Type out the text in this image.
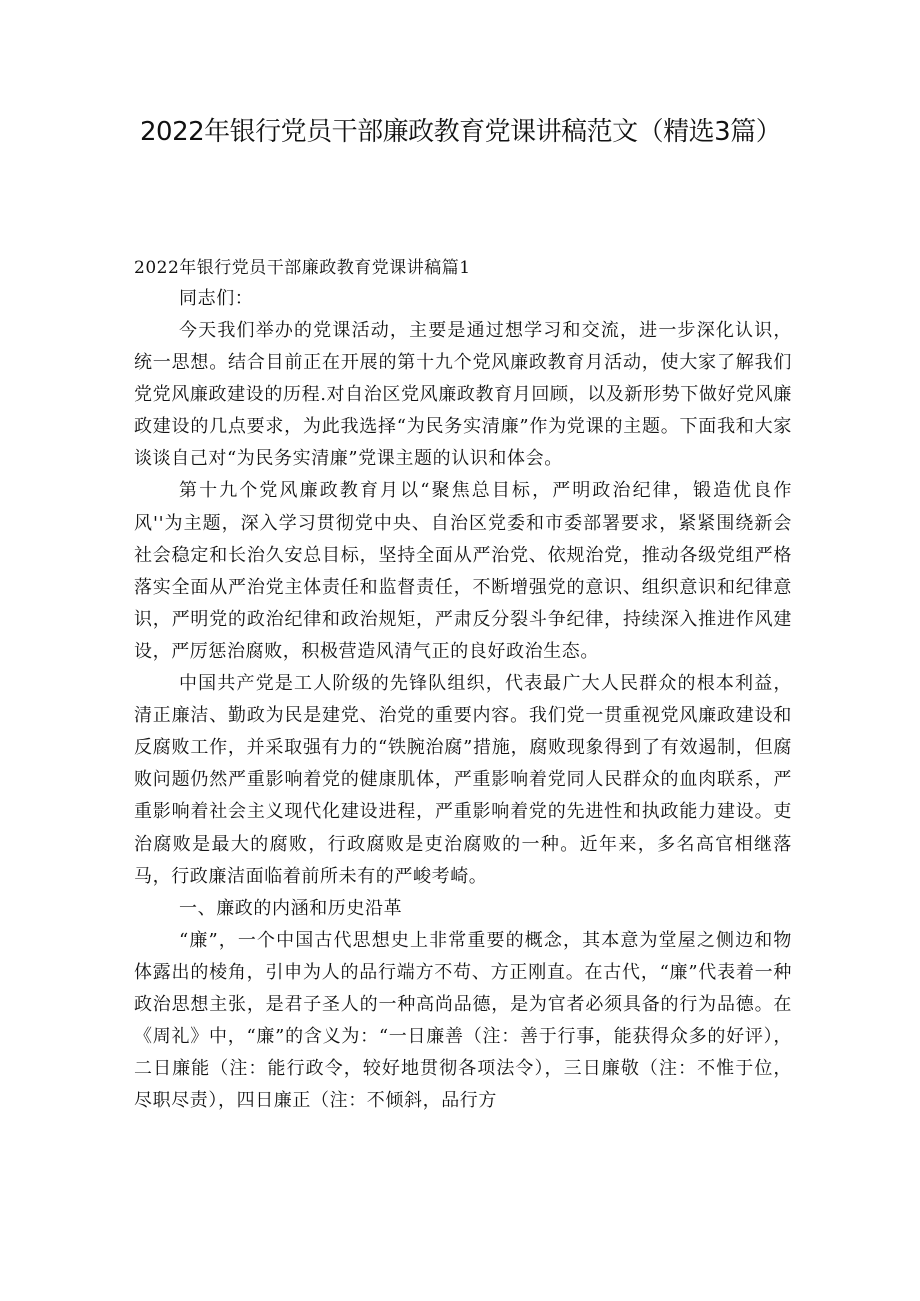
2022年银行党员干部廉政教育党课讲稿范文（精选3篇）

2022年银行党员干部廉政教育党课讲稿篇1

同志们：

今天我们举办的党课活动，主要是通过想学习和交流，进一步深化认识，统一思想。结合目前正在开展的第十九个党风廉政教育月活动，使大家了解我们党党风廉政建设的历程.对自治区党风廉政教育月回顾，以及新形势下做好党风廉政建设的几点要求，为此我选择“为民务实清廉”作为党课的主题。下面我和大家谈谈自己对“为民务实清廉”党课主题的认识和体会。

第十九个党风廉政教育月以“聚焦总目标，严明政治纪律，锻造优良作风''为主题，深入学习贯彻党中央、自治区党委和市委部署要求，紧紧围绕新会社会稳定和长治久安总目标，坚持全面从严治党、依规治党，推动各级党组严格落实全面从严治党主体责任和监督责任，不断增强党的意识、组织意识和纪律意识，严明党的政治纪律和政治规矩，严肃反分裂斗争纪律，持续深入推进作风建设，严厉惩治腐败，积极营造风清气正的良好政治生态。

中国共产党是工人阶级的先锋队组织，代表最广大人民群众的根本利益，清正廉洁、勤政为民是建党、治党的重要内容。我们党一贯重视党风廉政建设和反腐败工作，并采取强有力的“铁腕治腐”措施，腐败现象得到了有效遏制，但腐败问题仍然严重影响着党的健康肌体，严重影响着党同人民群众的血肉联系，严重影响着社会主义现代化建设进程，严重影响着党的先进性和执政能力建设。吏治腐败是最大的腐败，行政腐败是吏治腐败的一种。近年来，多名高官相继落马，行政廉洁面临着前所未有的严峻考崎。

一、廉政的内涵和历史沿革

“廉”，一个中国古代思想史上非常重要的概念，其本意为堂屋之侧边和物体露出的棱角，引申为人的品行端方不苟、方正刚直。在古代，“廉”代表着一种政治思想主张，是君子圣人的一种高尚品德，是为官者必须具备的行为品德。在《周礼》中，“廉”的含义为：“一日廉善（注：善于行事，能获得众多的好评），二日廉能（注：能行政令，较好地贯彻各项法令），三日廉敬（注：不惟于位，尽职尽责），四日廉正（注：不倾斜，品行方
